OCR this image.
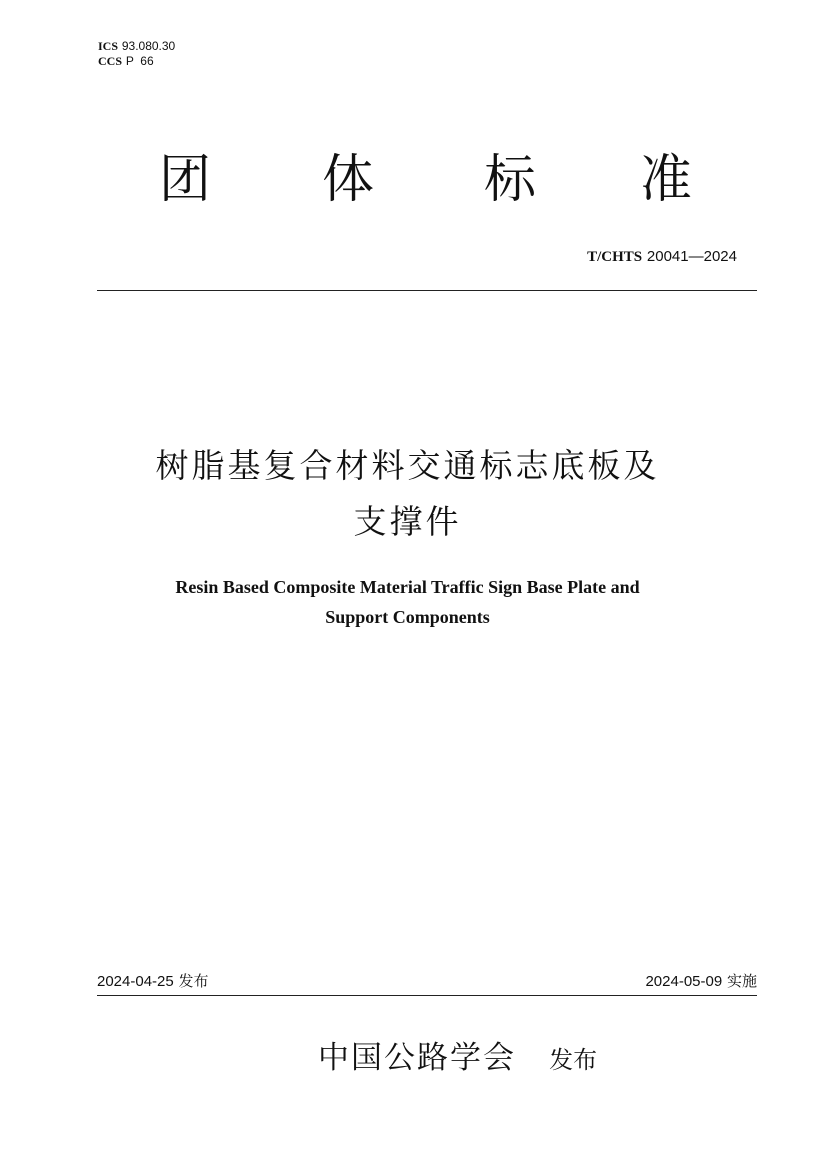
ICS 93.080.30
CCS P  66
团 体 标 准
T/CHTS 20041—2024
树脂基复合材料交通标志底板及
支撑件
Resin Based Composite Material Traffic Sign Base Plate and
Support Components
2024-04-25 发布	2024-05-09 实施
中国公路学会 发布
